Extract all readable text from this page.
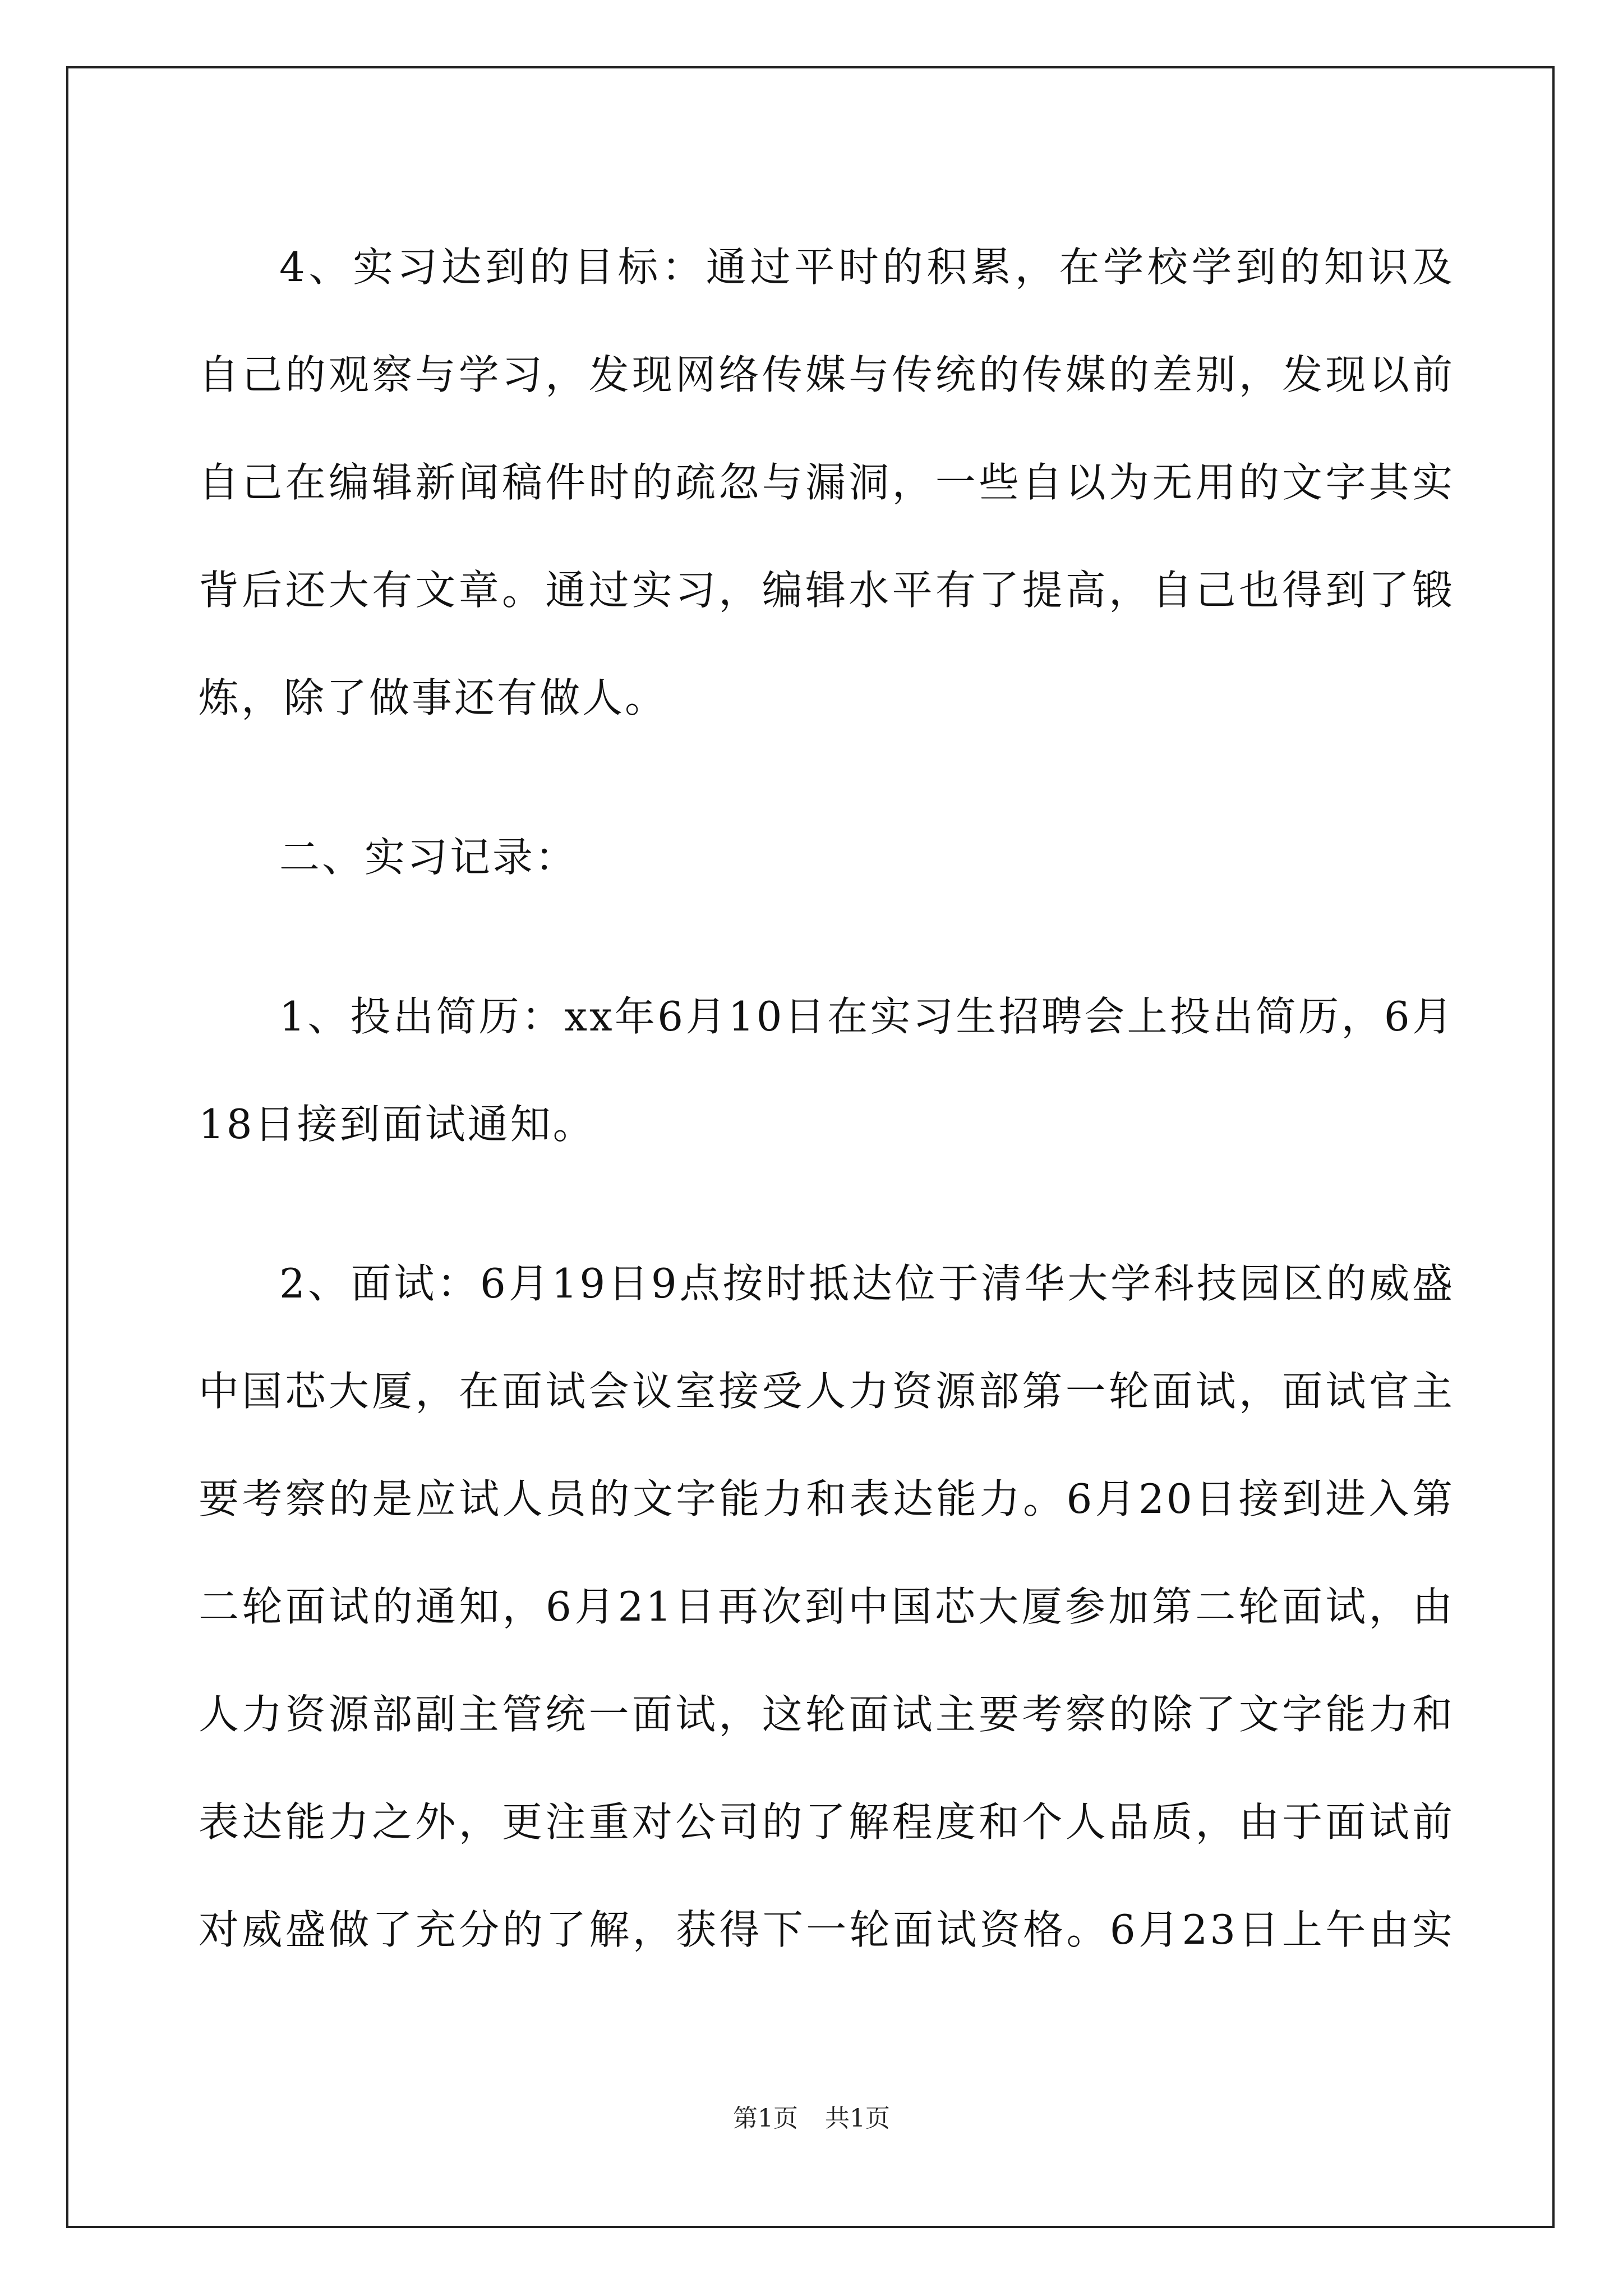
4、实习达到的目标：通过平时的积累，在学校学到的知识及自己的观察与学习，发现网络传媒与传统的传媒的差别，发现以前自己在编辑新闻稿件时的疏忽与漏洞，一些自以为无用的文字其实背后还大有文章。通过实习，编辑水平有了提高，自己也得到了锻炼，除了做事还有做人。

二、实习记录：

1、投出简历：xx年6月10日在实习生招聘会上投出简历，6月18日接到面试通知。

2、面试：6月19日9点按时抵达位于清华大学科技园区的威盛中国芯大厦，在面试会议室接受人力资源部第一轮面试，面试官主要考察的是应试人员的文字能力和表达能力。6月20日接到进入第二轮面试的通知，6月21日再次到中国芯大厦参加第二轮面试，由人力资源部副主管统一面试，这轮面试主要考察的除了文字能力和表达能力之外，更注重对公司的了解程度和个人品质，由于面试前对威盛做了充分的了解，获得下一轮面试资格。6月23日上午由实

第1页 共1页
